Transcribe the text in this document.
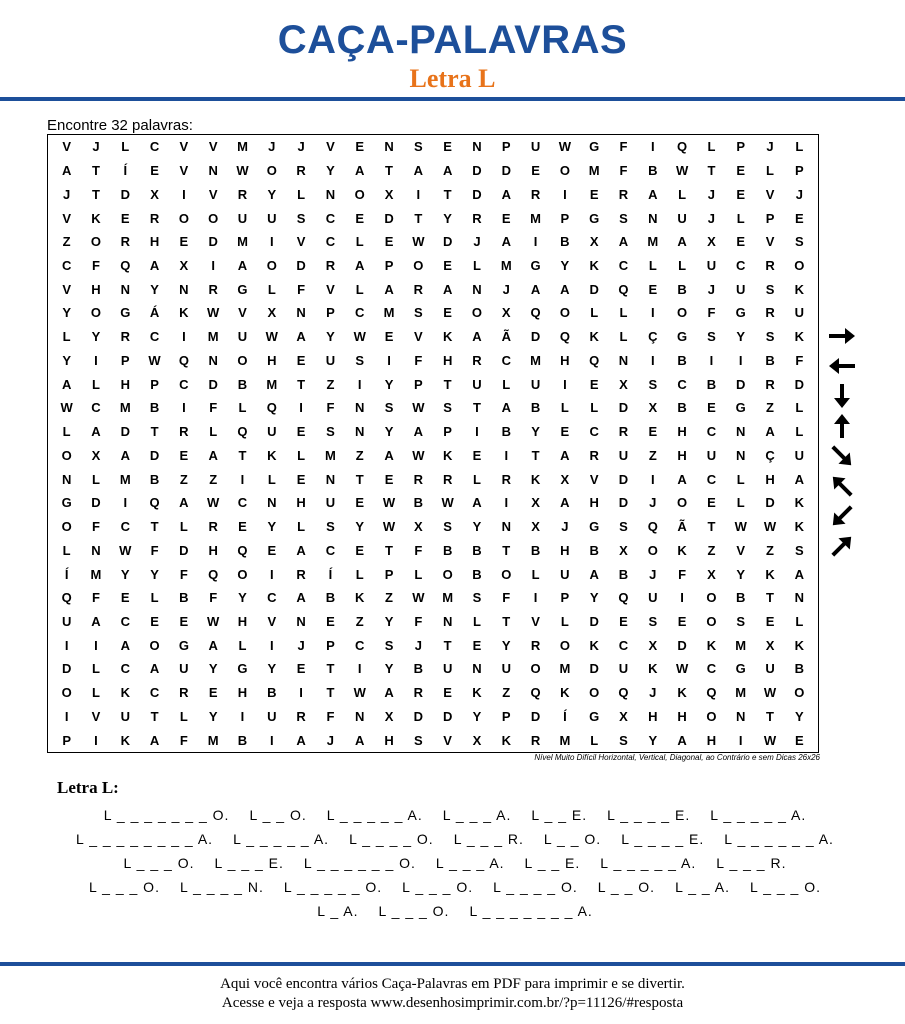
CAÇA-PALAVRAS
Letra L
Encontre 32 palavras:
V	J	L	C	V	V	M	J	J	V	E	N	S	E	N	P	U	W	G	F	I	Q	L	P	J	L
A	T	Í	E	V	N	W	O	R	Y	A	T	A	A	D	D	E	O	M	F	B	W	T	E	L	P
J	T	D	X	I	V	R	Y	L	N	O	X	I	T	D	A	R	I	E	R	A	L	J	E	V	J
V	K	E	R	O	O	U	U	S	C	E	D	T	Y	R	E	M	P	G	S	N	U	J	L	P	E
Z	O	R	H	E	D	M	I	V	C	L	E	W	D	J	A	I	B	X	A	M	A	X	E	V	S
C	F	Q	A	X	I	A	O	D	R	A	P	O	E	L	M	G	Y	K	C	L	L	U	C	R	O
V	H	N	Y	N	R	G	L	F	V	L	A	R	A	N	J	A	A	D	Q	E	B	J	U	S	K
Y	O	G	Á	K	W	V	X	N	P	C	M	S	E	O	X	Q	O	L	L	I	O	F	G	R	U
L	Y	R	C	I	M	U	W	A	Y	W	E	V	K	A	Ã	D	Q	K	L	Ç	G	S	Y	S	K
Y	I	P	W	Q	N	O	H	E	U	S	I	F	H	R	C	M	H	Q	N	I	B	I	I	B	F
A	L	H	P	C	D	B	M	T	Z	I	Y	P	T	U	L	U	I	E	X	S	C	B	D	R	D
W	C	M	B	I	F	L	Q	I	F	N	S	W	S	T	A	B	L	L	D	X	B	E	G	Z	L
L	A	D	T	R	L	Q	U	E	S	N	Y	A	P	I	B	Y	E	C	R	E	H	C	N	A	L
O	X	A	D	E	A	T	K	L	M	Z	A	W	K	E	I	T	A	R	U	Z	H	U	N	Ç	U
N	L	M	B	Z	Z	I	L	E	N	T	E	R	R	L	R	K	X	V	D	I	A	C	L	H	A
G	D	I	Q	A	W	C	N	H	U	E	W	B	W	A	I	X	A	H	D	J	O	E	L	D	K
O	F	C	T	L	R	E	Y	L	S	Y	W	X	S	Y	N	X	J	G	S	Q	Ã	T	W	W	K
L	N	W	F	D	H	Q	E	A	C	E	T	F	B	B	T	B	H	B	X	O	K	Z	V	Z	S
Í	M	Y	Y	F	Q	O	I	R	Í	L	P	L	O	B	O	L	U	A	B	J	F	X	Y	K	A
Q	F	E	L	B	F	Y	C	A	B	K	Z	W	M	S	F	I	P	Y	Q	U	I	O	B	T	N
U	A	C	E	E	W	H	V	N	E	Z	Y	F	N	L	T	V	L	D	E	S	E	O	S	E	L
I	I	A	O	G	A	L	I	J	P	C	S	J	T	E	Y	R	O	K	C	X	D	K	M	X	K
D	L	C	A	U	Y	G	Y	E	T	I	Y	B	U	N	U	O	M	D	U	K	W	C	G	U	B
O	L	K	C	R	E	H	B	I	T	W	A	R	E	K	Z	Q	K	O	Q	J	K	Q	M	W	O
I	V	U	T	L	Y	I	U	R	F	N	X	D	D	Y	P	D	Í	G	X	H	H	O	N	T	Y
P	I	K	A	F	M	B	I	A	J	A	H	S	V	X	K	R	M	L	S	Y	A	H	I	W	E
Nível Muito Difícil Horizontal, Vertical, Diagonal, ao Contrário e sem Dicas 26x26
Letra L:
L _ _ _ _ _ _ _ O. L _ _ O. L _ _ _ _ _ A. L _ _ _ A. L _ _ E. L _ _ _ _ E. L _ _ _ _ _ A.
L _ _ _ _ _ _ _ _ A. L _ _ _ _ _ A. L _ _ _ _ O. L _ _ _ R. L _ _ O. L _ _ _ _ E. L _ _ _ _ _ _ A.
L _ _ _ O. L _ _ _ E. L _ _ _ _ _ _ O. L _ _ _ A. L _ _ E. L _ _ _ _ _ A. L _ _ _ R.
L _ _ _ O. L _ _ _ _ N. L _ _ _ _ _ O. L _ _ _ O. L _ _ _ _ O. L _ _ O. L _ _ A. L _ _ _ O.
L _ A. L _ _ _ O. L _ _ _ _ _ _ _ A.
Aqui você encontra vários Caça-Palavras em PDF para imprimir e se divertir.
Acesse e veja a resposta www.desenhosimprimir.com.br/?p=11126/#resposta
